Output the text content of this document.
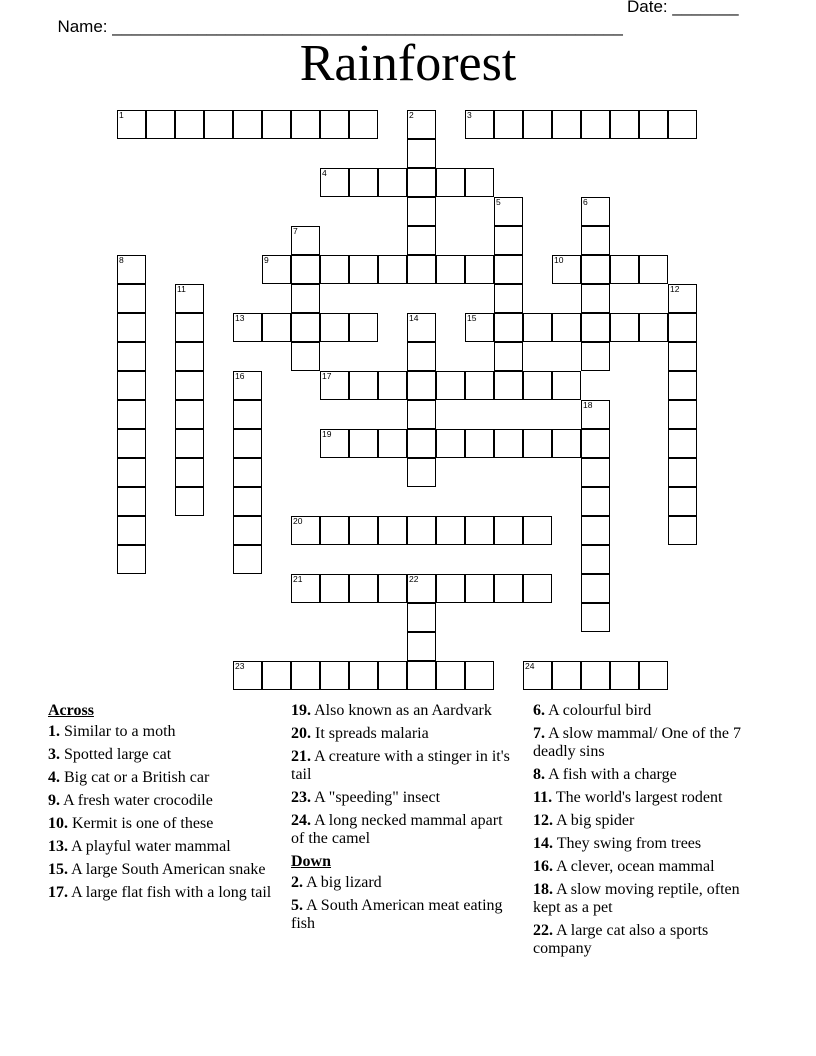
Name: ______________________________________________________

Date: _______

Rainforest
1	2	3
4
5	6
7
8	9	10
11	12
13	14	15
16	17
18
19
20
21	22
23	24
Across
1. Similar to a moth
3. Spotted large cat
4. Big cat or a British car
9. A fresh water crocodile
10. Kermit is one of these
13. A playful water mammal
15. A large South American snake
17. A large flat fish with a long tail
19. Also known as an Aardvark
20. It spreads malaria
21. A creature with a stinger in it's tail
23. A "speeding" insect
24. A long necked mammal apart of the camel
Down
2. A big lizard
5. A South American meat eating fish
6. A colourful bird
7. A slow mammal/ One of the 7 deadly sins
8. A fish with a charge
11. The world's largest rodent
12. A big spider
14. They swing from trees
16. A clever, ocean mammal
18. A slow moving reptile, often kept as a pet
22. A large cat also a sports company
